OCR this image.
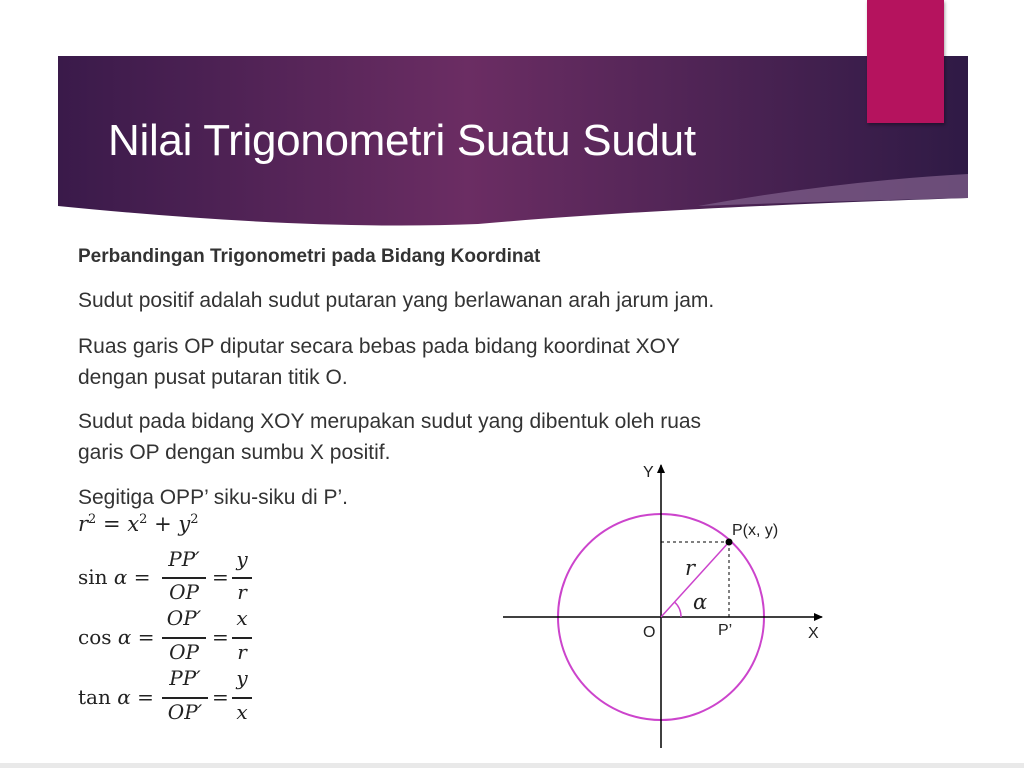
Nilai Trigonometri Suatu Sudut
Perbandingan Trigonometri pada Bidang Koordinat
Sudut positif adalah sudut putaran yang berlawanan arah jarum jam.
Ruas garis OP diputar secara bebas pada bidang koordinat XOY
dengan pusat putaran titik O.
Sudut pada bidang XOY merupakan sudut yang dibentuk oleh ruas
garis OP dengan sumbu X positif.
Segitiga OPP’ siku-siku di P’.
$r^2 = x^2 + y^2$
sin α =
PP′
OP
=
y
r
cos α =
OP′
OP
=
x
r
tan α =
PP′
OP′
=
y
x
Y
X
O
P(x, y)
P’
r
α
